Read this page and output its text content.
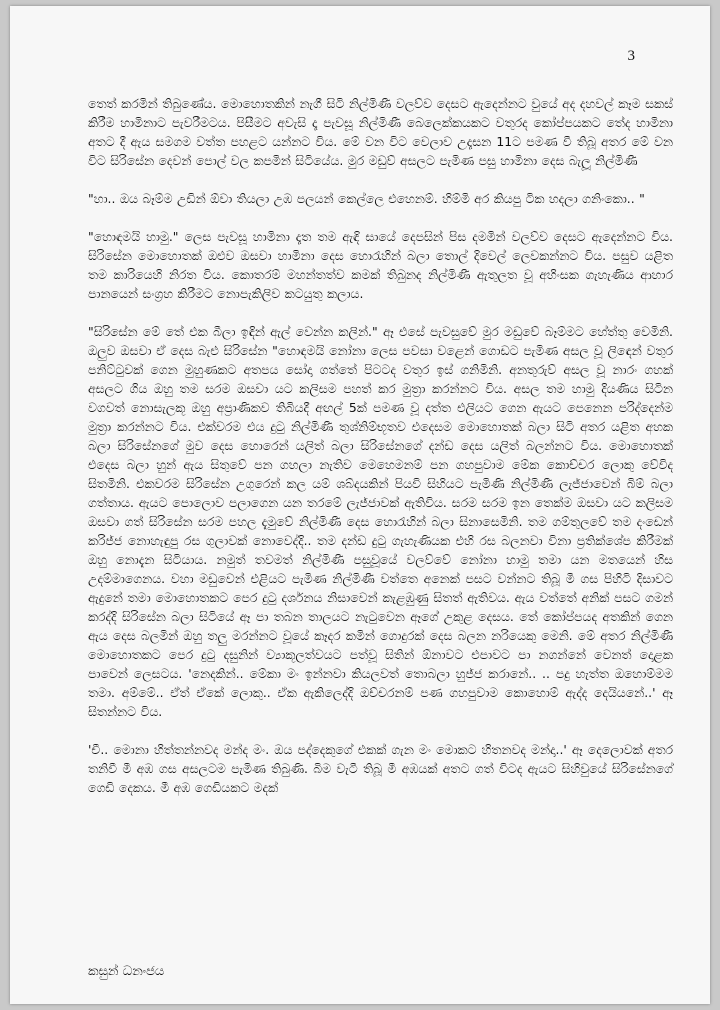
3

තෙත් කරමින් තිබුණේය. මොහොතකින් නැගී සිටි නිල්මිණී වලව්ව දෙසට ඇදෙන්නට වුයේ අද දහවල් කෑම සකස් කිරීම හාමිනාට පැවරීමටය. පිසීමට අවැසි දෑ පැවසූ නිල්මිණී බෙලෙක්කයකට වතුරද කෝප්පයකට තේද හාමිනා අතට දී ඇය සමගම වත්ත පහළට යන්නට විය. මේ වන විට වෙලාව උදෑසන 11ට පමණ වී තිබූ අතර මේ වන විට සිරිසේන දෙවන් පොල් වල කපමින් සිටියේය. මුර මඩුව් අසලට පැමිණ පසු හාමිනා දෙස බැලූ නිල්මිණී

"හා.. ඔය බෑම්ම උඩින් ඕවා තියලා උඹ පලයන් කෙල්ලෙ එහෙනම්. හිම්මි අර කියපු ටික හදලා ගනිංකො.. "

"හොඳමයි හාමු." ලෙස පැවසූ හාමිනා දෑත තම ඇඳි සායේ දෙපසින් පිස දමමින් වලව්ව දෙසට ඇදෙන්නට විය. සිරිසේන මොහොතක් ඔළුව ඔසවා හාමිනා දෙස හොරැහින් බලා තොල් දිවෙල් ලෙවකන්නට විය. පසුව යළිත තම කාරියෙහි නිරත විය. කොතරම් මහන්තත්ව කමක් තිබුනද නිල්මිණී ඇතුලත වූ අහිංසක ගැහැණිය ආහාර පානයෙන් සංග්‍රහ කිරීමට නොපැකිලිව කටයුතු කලාය.

"සිරිසේන මේ තේ එක බීලා ඉඳින් ඇල් වෙන්න කලින්." ඈ එසේ පැවසුවේ මුර මඩුවේ බෑම්මට හේත්තු වෙමිනි. ඔලුව ඔසවා ඒ දෙස බැළු සිරිසේන "හොඳමයි නෝනා ලෙස පවසා වළෙන් ගොඩට පැමිණ අසල වූ ලිඳෙන් වතුර පනිට්ටුවක් ගෙන මුහුණකට අතපය සෝදා ගත්තේ පිටටද වතුර ඉස් ගනිමිනි. අනතුරුව් අසල වූ නාරං ගහක් අසලට ගිය ඔහු තම සරම ඔසවා යට කලිසම පහත් කර මුත්‍රා කරන්නට විය. අසල තම හාමු දියණිය සිටින වගවත් නොසැලකූ ඔහු අප්‍රාණිකව තිබියදී අඟල් 5ක් පමණ වූ දත්ත එලියට ගෙන ඇයට පෙනෙන පරිද්දෙන්ම මුත්‍රා කරන්නට විය. එක්වරම එය දුටු නිල්මිණී තුශ්නිම්භූතව එදෙසම මොහොතක් බලා සිටි අතර යළිත අහක බලා සිරිසේනගේ මුව දෙස හොරෙන් යලිත් බලා සිරිසේනගේ දන්ඩ දෙස යලිත් බලන්නට විය. මොහොතක් එදෙස බලා හුන් ඇය සිතුවේ පන ගහලා නැතිව මෙහෙමනම් පන ගහපුවාම මේක කොච්චර ලොකු වේවිද සිතමිනි. එකවරම සිරිසේන උගුරෙන් කල යම් ශබ්දයකින් පියවි සිහියට පැමිණි නිල්මිණී ලැජ්ජාවෙන් බිම් බලා ගත්තාය. ඇයට පොලොව පලාගෙන යන තරමේ ලැජ්ජාවක් ඇතිවිය. සරම සරම ඉන තෙක්ම ඔසවා යට කලිසම ඔසවා ගත් සිරිසේන සරම පහල දැමුවේ නිල්මිණී දෙස හොරැහින් බලා සිනාසෙමිනි. තම ගම්තුලවේ තම දංඩෙන් කරිජ්ජ නොහැඳුපු රස ගුලාවක් නොවෙද්දි.. තම දන්ඩ දුටු ගැහැණියක එහි රස බලනවා විනා ප්‍රතික්ශේප කිරීමක් ඔහු නොදැන සිටියාය. නමුත් තවමත් නිල්මිණී පසුවූයේ වලව්වේ නෝනා හාමු තමා යන මතයෙන් හිස උදම්මාගෙනය. වහා මඩුවෙන් එළියට පැමිණ නිල්මිණී වත්තෙ අනෙක් පසට වන්නට තිබූ මී ගස පිහිටි දිසාවට ඇදුනේ තමා මොහොතකට පෙර දුටු දර්ශනය නිසාවෙන් කැළඹුණු සිතත් ඇතිවය. ඇය වත්තේ අනික් පසට ගමන් කරද්දි සිරිසේන බලා සිටියේ ඈ පා තබන තාලයට නැටුවෙන ඈගේ උකුළ දෙසය. තේ කෝප්පයද අතකින් ගෙන ඇය දෙස බලමින් ඔහු තලු මරන්නට වූයේ කෑදර කමින් ගොදුරක් දෙස බලන නරියෙකු මෙනි. මේ අතර නිල්මිණී මොහොතකට පෙර දුටු දසුනින් ව්‍යාකූලත්වයට පත්වූ සිතින් ඕනාවට එපාවට පා නගන්නේ වෙනත් දොළක පාවෙන් ලෙසටය. 'නෙදකින්.. මේකා මං ඉන්නවා කියලවත් තොබලා හුජ්ජ කරානේ.. .. පදු හැත්ත ඔහොම්මම තමා. අම්මේ.. ඒත් ඒකේ ලොකු.. ඒක ඇකිලෙද්දි ඔච්චරනම් පණ ගහපුවාම කොහොම් ඇද්ද දෙයියනේ..' ඈ සිතන්නට විය.

'චී.. මොනා හිත්තන්නවද මන්ද මං. ඔය පද්දෙකුගේ එකක් ගැන මං මොකට හිතනවද මන්දා..' ඈ දෙලොවක් අතර තනිවී මී අඹ ගස අසලටම පැමිණ තිබුණි. බිම වැටී තිබූ මී අඹයක් අතට ගත් විටද ඇයට සිහිවුයේ සිරිසේනගේ ගෙඩි දෙකය. මී අඹ ගෙඩියකට මදක්

කසුන් ධනංජය
